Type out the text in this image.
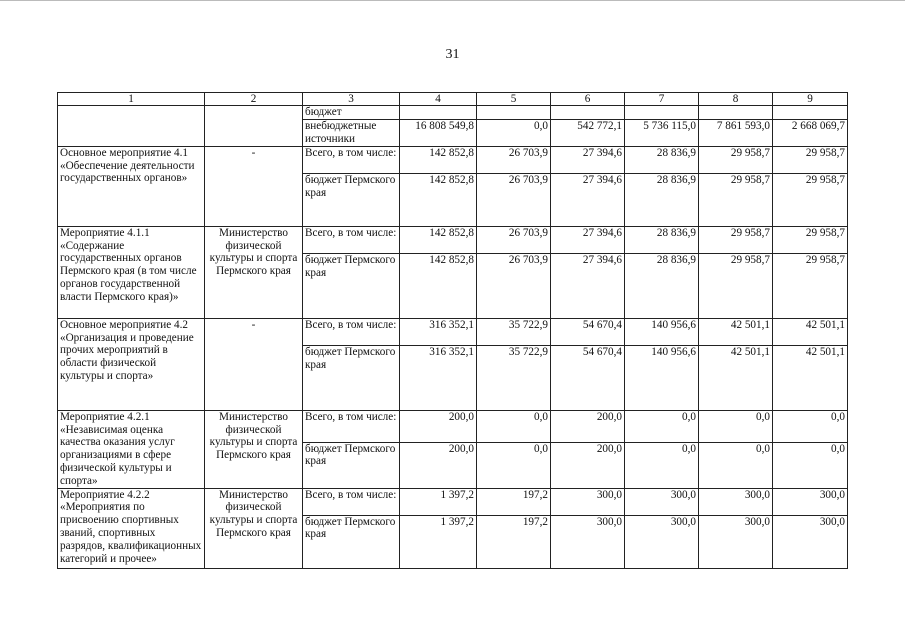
31
1	2	3	4	5	6	7	8	9
		бюджет						
		внебюджетные источники	16 808 549,8	0,0	542 772,1	5 736 115,0	7 861 593,0	2 668 069,7
Основное мероприятие 4.1 «Обеспечение деятельности государственных органов»	-	Всего, в том числе:	142 852,8	26 703,9	27 394,6	28 836,9	29 958,7	29 958,7
		бюджет Пермского края	142 852,8	26 703,9	27 394,6	28 836,9	29 958,7	29 958,7
Мероприятие 4.1.1 «Содержание государственных органов Пермского края (в том числе органов государственной власти Пермского края)»	Министерство физической культуры и спорта Пермского края	Всего, в том числе:	142 852,8	26 703,9	27 394,6	28 836,9	29 958,7	29 958,7
		бюджет Пермского края	142 852,8	26 703,9	27 394,6	28 836,9	29 958,7	29 958,7
Основное мероприятие 4.2 «Организация и проведение прочих мероприятий в области физической культуры и спорта»	-	Всего, в том числе:	316 352,1	35 722,9	54 670,4	140 956,6	42 501,1	42 501,1
		бюджет Пермского края	316 352,1	35 722,9	54 670,4	140 956,6	42 501,1	42 501,1
Мероприятие 4.2.1 «Независимая оценка качества оказания услуг организациями в сфере физической культуры и спорта»	Министерство физической культуры и спорта Пермского края	Всего, в том числе:	200,0	0,0	200,0	0,0	0,0	0,0
		бюджет Пермского края	200,0	0,0	200,0	0,0	0,0	0,0
Мероприятие 4.2.2 «Мероприятия по присвоению спортивных званий, спортивных разрядов, квалификационных категорий и прочее»	Министерство физической культуры и спорта Пермского края	Всего, в том числе:	1 397,2	197,2	300,0	300,0	300,0	300,0
		бюджет Пермского края	1 397,2	197,2	300,0	300,0	300,0	300,0
